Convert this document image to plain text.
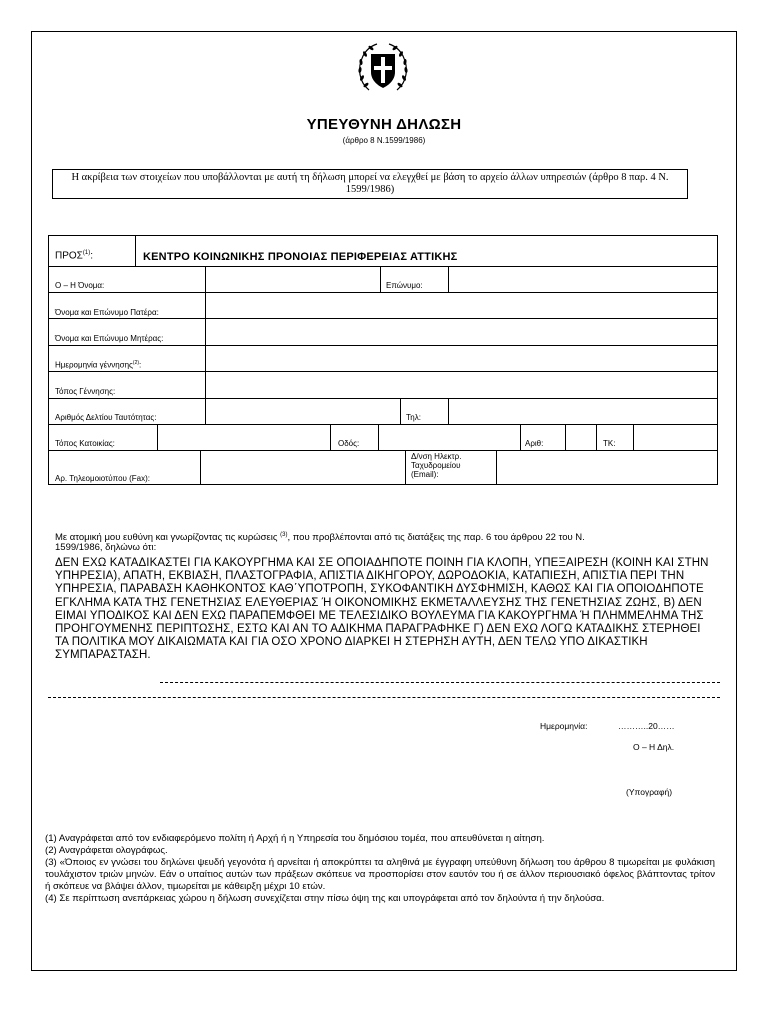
ΥΠΕΥΘΥΝΗ ΔΗΛΩΣΗ
(άρθρο 8 Ν.1599/1986)
Η ακρίβεια των στοιχείων που υποβάλλονται με αυτή τη δήλωση μπορεί να ελεγχθεί με βάση το αρχείο άλλων υπηρεσιών (άρθρο 8 παρ. 4 Ν. 1599/1986)
ΠΡΟΣ$^{(1)}$:	ΚΕΝΤΡΟ ΚΟΙΝΩΝΙΚΗΣ ΠΡΟΝΟΙΑΣ ΠΕΡΙΦΕΡΕΙΑΣ ΑΤΤΙΚΗΣ
Ο – Η Όνομα:	Επώνυμο:
Όνομα και Επώνυμο Πατέρα:
Όνομα και Επώνυμο Μητέρας:
Ημερομηνία γέννησης$^{(2)}$:
Τόπος Γέννησης:
Αριθμός Δελτίου Ταυτότητας:	Τηλ:
Τόπος Κατοικίας:	Οδός:	Αριθ:	ΤΚ:
Αρ. Τηλεομοιοτύπου (Fax):
Δ/νση Ηλεκτρ.
Ταχυδρομείου
(Email):
Με ατομική μου ευθύνη και γνωρίζοντας τις κυρώσεις $^{(3)}$, που προβλέπονται από τις διατάξεις της παρ. 6 του άρθρου 22 του Ν.
1599/1986, δηλώνω ότι:
ΔΕΝ ΕΧΩ ΚΑΤΑΔΙΚΑΣΤΕΙ ΓΙΑ ΚΑΚΟΥΡΓΗΜΑ ΚΑΙ ΣΕ ΟΠΟΙΑΔΗΠΟΤΕ ΠΟΙΝΗ ΓΙΑ ΚΛΟΠΗ, ΥΠΕΞΑΙΡΕΣΗ (ΚΟΙΝΗ ΚΑΙ ΣΤΗΝ ΥΠΗΡΕΣΙΑ), ΑΠΑΤΗ, ΕΚΒΙΑΣΗ, ΠΛΑΣΤΟΓΡΑΦΙΑ, ΑΠΙΣΤΙΑ ΔΙΚΗΓΟΡΟΥ, ΔΩΡΟΔΟΚΙΑ, ΚΑΤΑΠΙΕΣΗ, ΑΠΙΣΤΙΑ ΠΕΡΙ ΤΗΝ ΥΠΗΡΕΣΙΑ, ΠΑΡΑΒΑΣΗ ΚΑΘΗΚΟΝΤΟΣ ΚΑΘ΄ΥΠΟΤΡΟΠΗ, ΣΥΚΟΦΑΝΤΙΚΗ ΔΥΣΦΗΜΙΣΗ, ΚΑΘΩΣ ΚΑΙ ΓΙΑ ΟΠΟΙΟΔΗΠΟΤΕ ΕΓΚΛΗΜΑ ΚΑΤΑ ΤΗΣ ΓΕΝΕΤΗΣΙΑΣ ΕΛΕΥΘΕΡΙΑΣ Ή ΟΙΚΟΝΟΜΙΚΗΣ ΕΚΜΕΤΑΛΛΕΥΣΗΣ ΤΗΣ ΓΕΝΕΤΗΣΙΑΣ ΖΩΗΣ, Β) ΔΕΝ ΕΙΜΑΙ ΥΠΟΔΙΚΟΣ ΚΑΙ ΔΕΝ ΕΧΩ ΠΑΡΑΠΕΜΦΘΕΙ ΜΕ ΤΕΛΕΣΙΔΙΚΟ ΒΟΥΛΕΥΜΑ ΓΙΑ ΚΑΚΟΥΡΓΗΜΑ Ή ΠΛΗΜΜΕΛΗΜΑ ΤΗΣ ΠΡΟΗΓΟΥΜΕΝΗΣ ΠΕΡΙΠΤΩΣΗΣ, ΕΣΤΩ ΚΑΙ ΑΝ ΤΟ ΑΔΙΚΗΜΑ ΠΑΡΑΓΡΑΦΗΚΕ Γ) ΔΕΝ ΕΧΩ ΛΟΓΩ ΚΑΤΑΔΙΚΗΣ ΣΤΕΡΗΘΕΙ ΤΑ ΠΟΛΙΤΙΚΑ ΜΟΥ ΔΙΚΑΙΩΜΑΤΑ ΚΑΙ ΓΙΑ ΟΣΟ ΧΡΟΝΟ ΔΙΑΡΚΕΙ Η ΣΤΕΡΗΣΗ ΑΥΤΗ, ΔΕΝ ΤΕΛΩ ΥΠΟ ΔΙΚΑΣΤΙΚΗ ΣΥΜΠΑΡΑΣΤΑΣΗ.
Ημερομηνία:	………..20……
Ο – Η Δηλ.
(Υπογραφή)

(1) Αναγράφεται από τον ενδιαφερόμενο πολίτη ή Αρχή ή η Υπηρεσία του δημόσιου τομέα, που απευθύνεται η αίτηση.

(2) Αναγράφεται ολογράφως.

(3) «Όποιος εν γνώσει του δηλώνει ψευδή γεγονότα ή αρνείται ή αποκρύπτει τα αληθινά με έγγραφη υπεύθυνη δήλωση του άρθρου 8 τιμωρείται με φυλάκιση τουλάχιστον τριών μηνών. Εάν ο υπαίτιος αυτών των πράξεων σκόπευε να προσπορίσει στον εαυτόν του ή σε άλλον περιουσιακό όφελος βλάπτοντας τρίτον ή σκόπευε να βλάψει άλλον, τιμωρείται με κάθειρξη μέχρι 10 ετών.

(4) Σε περίπτωση ανεπάρκειας χώρου η δήλωση συνεχίζεται στην πίσω όψη της και υπογράφεται από τον δηλούντα ή την δηλούσα.
